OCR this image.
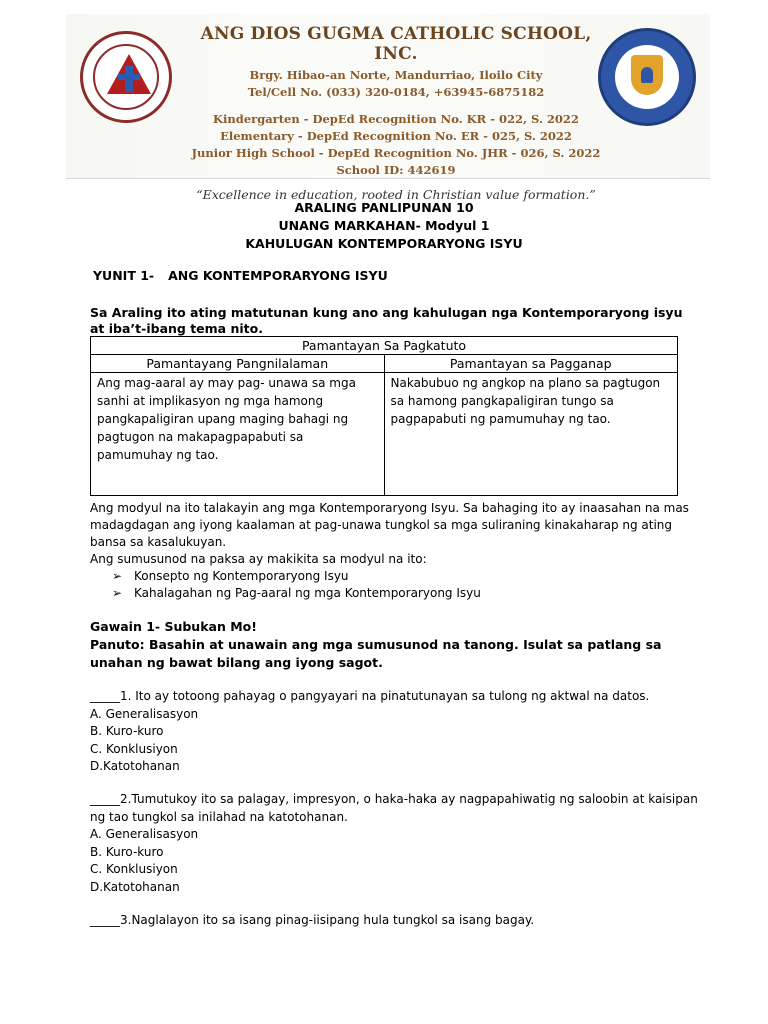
ANG DIOS GUGMA CATHOLIC SCHOOL, INC.
Brgy. Hibao-an Norte, Mandurriao, Iloilo City
Tel/Cell No. (033) 320-0184, +63945-6875182
Kindergarten - DepEd Recognition No. KR - 022, S. 2022
Elementary - DepEd Recognition No. ER - 025, S. 2022
Junior High School - DepEd Recognition No. JHR - 026, S. 2022
School ID: 442619
“Excellence in education, rooted in Christian value formation.”
ARALING PANLIPUNAN 10
UNANG MARKAHAN- Modyul 1
KAHULUGAN KONTEMPORARYONG ISYU
YUNIT 1- ANG KONTEMPORARYONG ISYU
Sa Araling ito ating matutunan kung ano ang kahulugan nga Kontemporaryong isyu at iba’t-ibang tema nito.
Pamantayan Sa Pagkatuto	
Pamantayang Pangnilalaman	Pamantayan sa Pagganap
Ang mag-aaral ay may pag- unawa sa mga sanhi at implikasyon ng mga hamong pangkapaligiran upang maging bahagi ng pagtugon na makapagpapabuti sa pamumuhay ng tao.	Nakabubuo ng angkop na plano sa pagtugon sa hamong pangkapaligiran tungo sa pagpapabuti ng pamumuhay ng tao.
Ang modyul na ito talakayin ang mga Kontemporaryong Isyu. Sa bahaging ito ay inaasahan na mas madagdagan ang iyong kaalaman at pag-unawa tungkol sa mga suliraning kinakaharap ng ating bansa sa kasalukuyan.
Ang sumusunod na paksa ay makikita sa modyul na ito:
➢ Konsepto ng Kontemporaryong Isyu
➢ Kahalagahan ng Pag-aaral ng mga Kontemporaryong Isyu
Gawain 1- Subukan Mo!
Panuto: Basahin at unawain ang mga sumusunod na tanong. Isulat sa patlang sa unahan ng bawat bilang ang iyong sagot.
_____1. Ito ay totoong pahayag o pangyayari na pinatutunayan sa tulong ng aktwal na datos.
A. Generalisasyon
B. Kuro-kuro
C. Konklusiyon
D.Katotohanan
_____2.Tumutukoy ito sa palagay, impresyon, o haka-haka ay nagpapahiwatig ng saloobin at kaisipan ng tao tungkol sa inilahad na katotohanan.
A. Generalisasyon
B. Kuro-kuro
C. Konklusiyon
D.Katotohanan
_____3.Naglalayon ito sa isang pinag-iisipang hula tungkol sa isang bagay.
